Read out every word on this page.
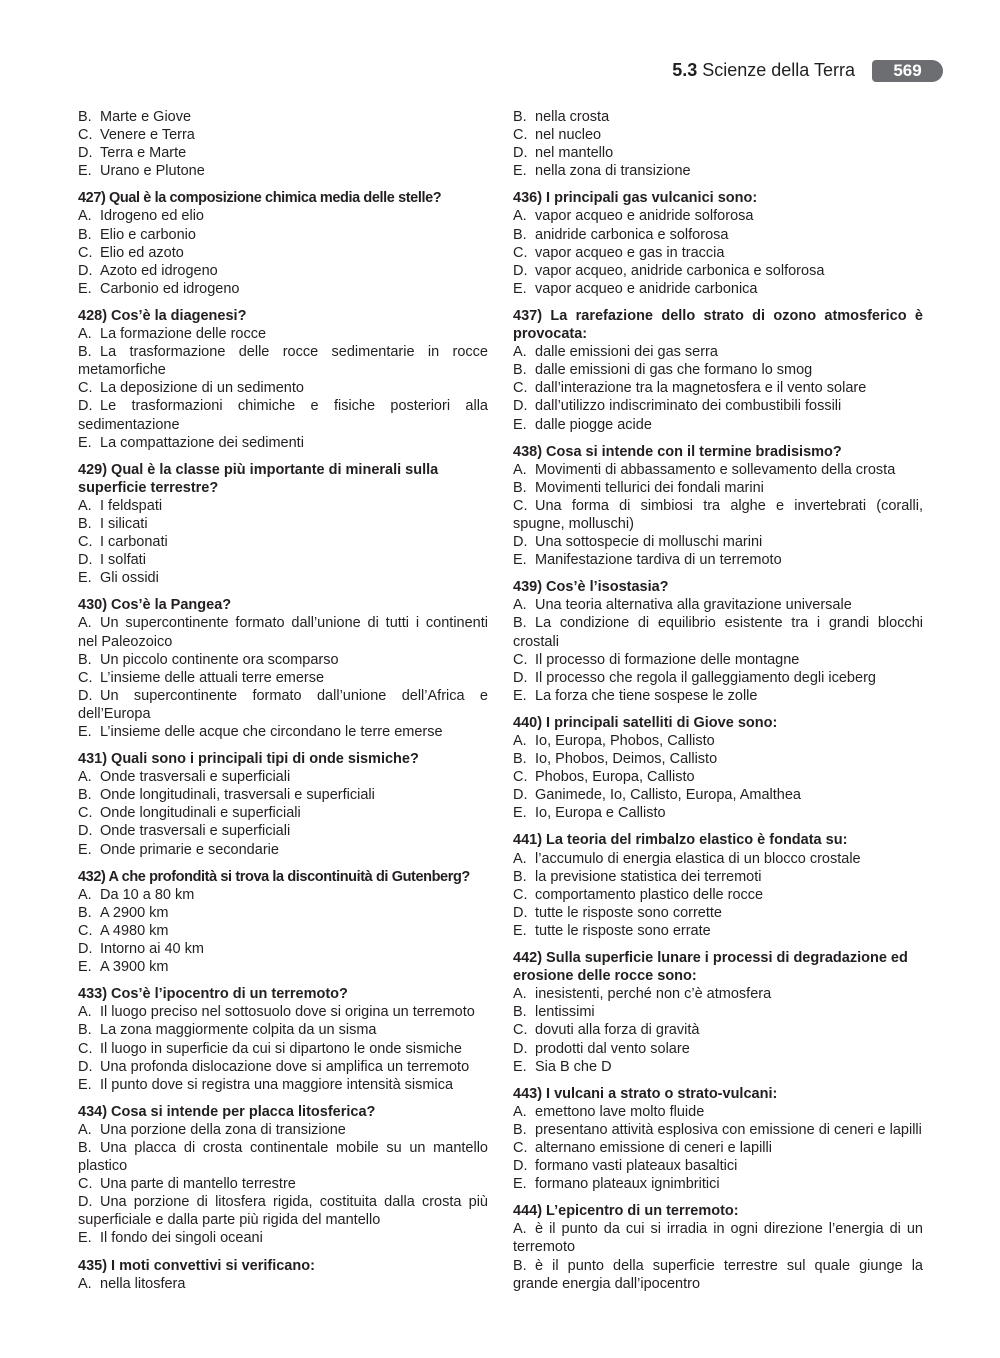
5.3 Scienze della Terra	569
B. Marte e Giove
C. Venere e Terra
D. Terra e Marte
E. Urano e Plutone
427) Qual è la composizione chimica media delle stelle?
A. Idrogeno ed elio
B. Elio e carbonio
C. Elio ed azoto
D. Azoto ed idrogeno
E. Carbonio ed idrogeno
428) Cos’è la diagenesi?
A. La formazione delle rocce
B. La trasformazione delle rocce sedimentarie in rocce metamorfiche
C. La deposizione di un sedimento
D. Le trasformazioni chimiche e fisiche posteriori alla sedimentazione
E. La compattazione dei sedimenti
429) Qual è la classe più importante di minerali sulla superficie terrestre?
A. I feldspati
B. I silicati
C. I carbonati
D. I solfati
E. Gli ossidi
430) Cos’è la Pangea?
A. Un supercontinente formato dall’unione di tutti i continenti nel Paleozoico
B. Un piccolo continente ora scomparso
C. L’insieme delle attuali terre emerse
D. Un supercontinente formato dall’unione dell’Africa e dell’Europa
E. L’insieme delle acque che circondano le terre emerse
431) Quali sono i principali tipi di onde sismiche?
A. Onde trasversali e superficiali
B. Onde longitudinali, trasversali e superficiali
C. Onde longitudinali e superficiali
D. Onde trasversali e superficiali
E. Onde primarie e secondarie
432) A che profondità si trova la discontinuità di Gutenberg?
A. Da 10 a 80 km
B. A 2900 km
C. A 4980 km
D. Intorno ai 40 km
E. A 3900 km
433) Cos’è l’ipocentro di un terremoto?
A. Il luogo preciso nel sottosuolo dove si origina un terremoto
B. La zona maggiormente colpita da un sisma
C. Il luogo in superficie da cui si dipartono le onde sismiche
D. Una profonda dislocazione dove si amplifica un terremoto
E. Il punto dove si registra una maggiore intensità sismica
434) Cosa si intende per placca litosferica?
A. Una porzione della zona di transizione
B. Una placca di crosta continentale mobile su un mantello plastico
C. Una parte di mantello terrestre
D. Una porzione di litosfera rigida, costituita dalla crosta più superficiale e dalla parte più rigida del mantello
E. Il fondo dei singoli oceani
435) I moti convettivi si verificano:
A. nella litosfera
B. nella crosta
C. nel nucleo
D. nel mantello
E. nella zona di transizione
436) I principali gas vulcanici sono:
A. vapor acqueo e anidride solforosa
B. anidride carbonica e solforosa
C. vapor acqueo e gas in traccia
D. vapor acqueo, anidride carbonica e solforosa
E. vapor acqueo e anidride carbonica
437) La rarefazione dello strato di ozono atmosferico è provocata:
A. dalle emissioni dei gas serra
B. dalle emissioni di gas che formano lo smog
C. dall’interazione tra la magnetosfera e il vento solare
D. dall’utilizzo indiscriminato dei combustibili fossili
E. dalle piogge acide
438) Cosa si intende con il termine bradisismo?
A. Movimenti di abbassamento e sollevamento della crosta
B. Movimenti tellurici dei fondali marini
C. Una forma di simbiosi tra alghe e invertebrati (coralli, spugne, molluschi)
D. Una sottospecie di molluschi marini
E. Manifestazione tardiva di un terremoto
439) Cos’è l’isostasia?
A. Una teoria alternativa alla gravitazione universale
B. La condizione di equilibrio esistente tra i grandi blocchi crostali
C. Il processo di formazione delle montagne
D. Il processo che regola il galleggiamento degli iceberg
E. La forza che tiene sospese le zolle
440) I principali satelliti di Giove sono:
A. Io, Europa, Phobos, Callisto
B. Io, Phobos, Deimos, Callisto
C. Phobos, Europa, Callisto
D. Ganimede, Io, Callisto, Europa, Amalthea
E. Io, Europa e Callisto
441) La teoria del rimbalzo elastico è fondata su:
A. l’accumulo di energia elastica di un blocco crostale
B. la previsione statistica dei terremoti
C. comportamento plastico delle rocce
D. tutte le risposte sono corrette
E. tutte le risposte sono errate
442) Sulla superficie lunare i processi di degradazione ed erosione delle rocce sono:
A. inesistenti, perché non c’è atmosfera
B. lentissimi
C. dovuti alla forza di gravità
D. prodotti dal vento solare
E. Sia B che D
443) I vulcani a strato o strato-vulcani:
A. emettono lave molto fluide
B. presentano attività esplosiva con emissione di ceneri e lapilli
C. alternano emissione di ceneri e lapilli
D. formano vasti plateaux basaltici
E. formano plateaux ignimbritici
444) L’epicentro di un terremoto:
A. è il punto da cui si irradia in ogni direzione l’energia di un terremoto
B. è il punto della superficie terrestre sul quale giunge la grande energia dall’ipocentro
